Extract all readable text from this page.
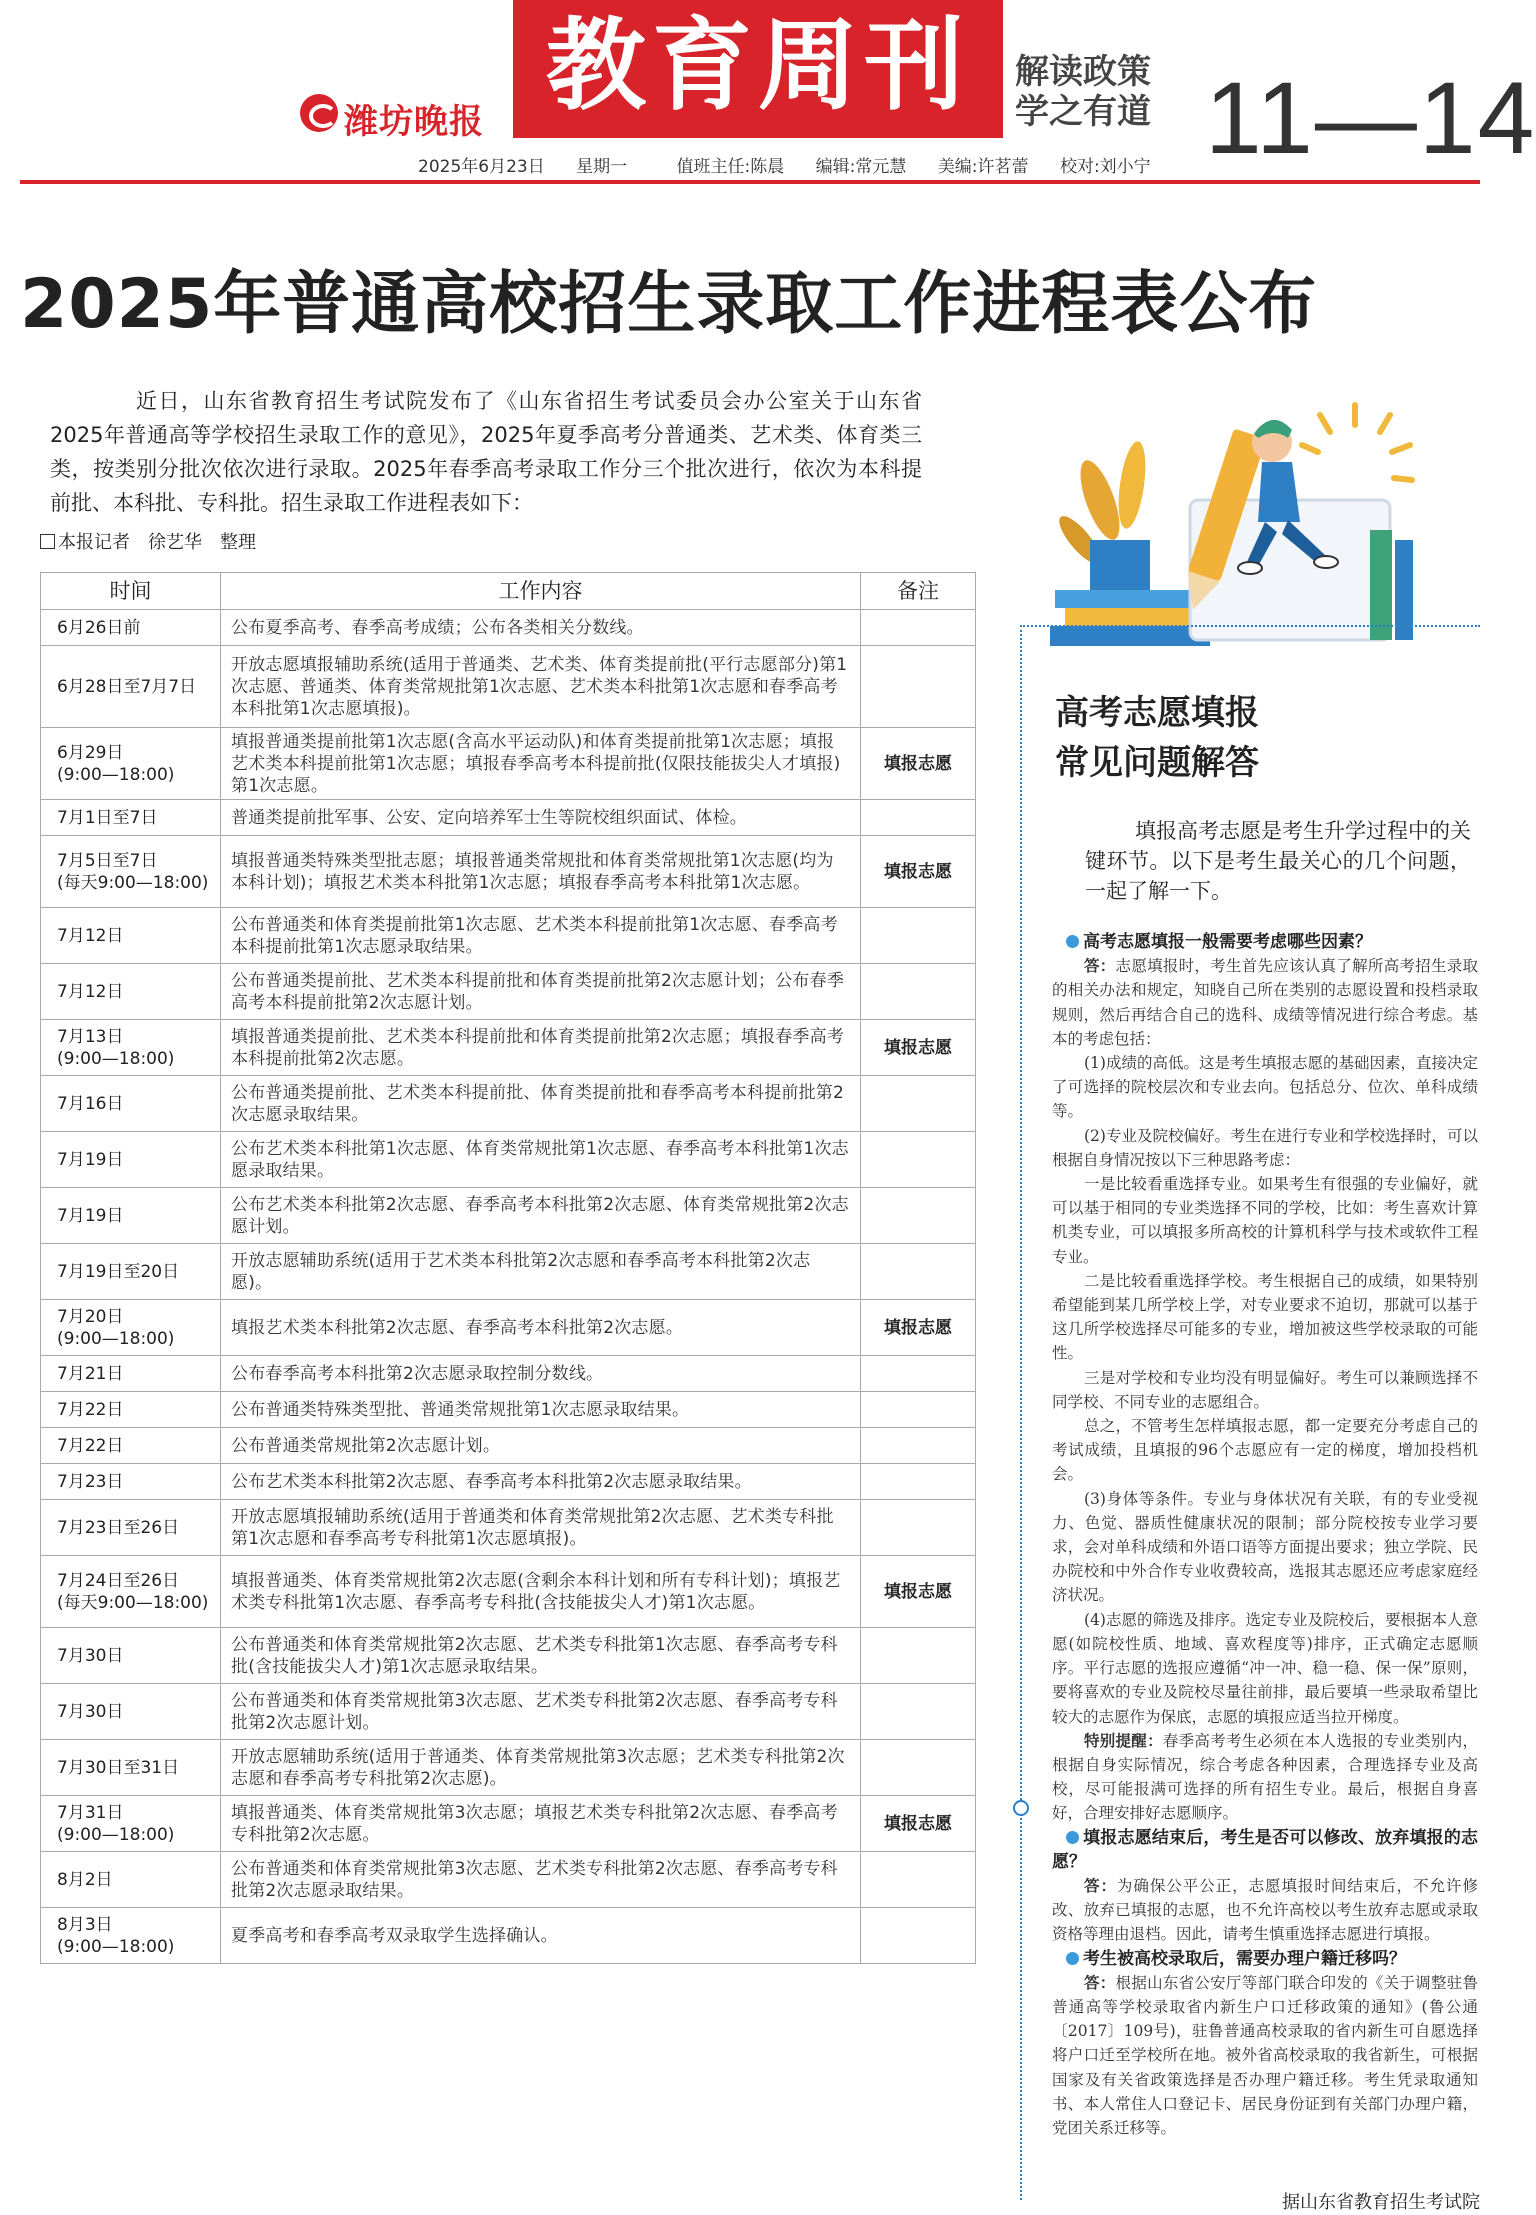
潍坊晚报 教育周刊	解读政策
学之有道 11—14
2025年6月23日 星期一	值班主任:陈晨 编辑:常元慧 美编:许茗蕾 校对:刘小宁
2025年普通高校招生录取工作进程表公布
近日，山东省教育招生考试院发布了《山东省招生考试委员会办公室关于山东省2025年普通高等学校招生录取工作的意见》，2025年夏季高考分普通类、艺术类、体育类三类，按类别分批次依次进行录取。2025年春季高考录取工作分三个批次进行，依次为本科提前批、本科批、专科批。招生录取工作进程表如下：
本报记者　徐艺华　整理
时间	工作内容	备注

6月26日前	公布夏季高考、春季高考成绩；公布各类相关分数线。	

6月28日至7月7日	开放志愿填报辅助系统(适用于普通类、艺术类、体育类提前批(平行志愿部分)第1次志愿、普通类、体育类常规批第1次志愿、艺术类本科批第1次志愿和春季高考本科批第1次志愿填报)。	

6月29日
(9:00—18:00)	填报普通类提前批第1次志愿(含高水平运动队)和体育类提前批第1次志愿；填报艺术类本科提前批第1次志愿；填报春季高考本科提前批(仅限技能拔尖人才填报)第1次志愿。	填报志愿

7月1日至7日	普通类提前批军事、公安、定向培养军士生等院校组织面试、体检。	

7月5日至7日
(每天9:00—18:00)	填报普通类特殊类型批志愿；填报普通类常规批和体育类常规批第1次志愿(均为本科计划)；填报艺术类本科批第1次志愿；填报春季高考本科批第1次志愿。	填报志愿

7月12日	公布普通类和体育类提前批第1次志愿、艺术类本科提前批第1次志愿、春季高考本科提前批第1次志愿录取结果。	

7月12日	公布普通类提前批、艺术类本科提前批和体育类提前批第2次志愿计划；公布春季高考本科提前批第2次志愿计划。	

7月13日
(9:00—18:00)	填报普通类提前批、艺术类本科提前批和体育类提前批第2次志愿；填报春季高考本科提前批第2次志愿。	填报志愿

7月16日	公布普通类提前批、艺术类本科提前批、体育类提前批和春季高考本科提前批第2次志愿录取结果。	

7月19日	公布艺术类本科批第1次志愿、体育类常规批第1次志愿、春季高考本科批第1次志愿录取结果。	

7月19日	公布艺术类本科批第2次志愿、春季高考本科批第2次志愿、体育类常规批第2次志愿计划。	

7月19日至20日	开放志愿辅助系统(适用于艺术类本科批第2次志愿和春季高考本科批第2次志愿)。	

7月20日
(9:00—18:00)	填报艺术类本科批第2次志愿、春季高考本科批第2次志愿。	填报志愿

7月21日	公布春季高考本科批第2次志愿录取控制分数线。	

7月22日	公布普通类特殊类型批、普通类常规批第1次志愿录取结果。	

7月22日	公布普通类常规批第2次志愿计划。	

7月23日	公布艺术类本科批第2次志愿、春季高考本科批第2次志愿录取结果。	

7月23日至26日	开放志愿填报辅助系统(适用于普通类和体育类常规批第2次志愿、艺术类专科批第1次志愿和春季高考专科批第1次志愿填报)。	

7月24日至26日
(每天9:00—18:00)	填报普通类、体育类常规批第2次志愿(含剩余本科计划和所有专科计划)；填报艺术类专科批第1次志愿、春季高考专科批(含技能拔尖人才)第1次志愿。	填报志愿

7月30日	公布普通类和体育类常规批第2次志愿、艺术类专科批第1次志愿、春季高考专科批(含技能拔尖人才)第1次志愿录取结果。	

7月30日	公布普通类和体育类常规批第3次志愿、艺术类专科批第2次志愿、春季高考专科批第2次志愿计划。	

7月30日至31日	开放志愿辅助系统(适用于普通类、体育类常规批第3次志愿；艺术类专科批第2次志愿和春季高考专科批第2次志愿)。	

7月31日
(9:00—18:00)	填报普通类、体育类常规批第3次志愿；填报艺术类专科批第2次志愿、春季高考专科批第2次志愿。	填报志愿

8月2日	公布普通类和体育类常规批第3次志愿、艺术类专科批第2次志愿、春季高考专科批第2次志愿录取结果。	

8月3日
(9:00—18:00)	夏季高考和春季高考双录取学生选择确认。	
高考志愿填报
常见问题解答
填报高考志愿是考生升学过程中的关键环节。以下是考生最关心的几个问题，一起了解一下。

高考志愿填报一般需要考虑哪些因素？

答：志愿填报时，考生首先应该认真了解所高考招生录取的相关办法和规定，知晓自己所在类别的志愿设置和投档录取规则，然后再结合自己的选科、成绩等情况进行综合考虑。基本的考虑包括：

(1)成绩的高低。这是考生填报志愿的基础因素，直接决定了可选择的院校层次和专业去向。包括总分、位次、单科成绩等。

(2)专业及院校偏好。考生在进行专业和学校选择时，可以根据自身情况按以下三种思路考虑：

一是比较看重选择专业。如果考生有很强的专业偏好，就可以基于相同的专业类选择不同的学校，比如：考生喜欢计算机类专业，可以填报多所高校的计算机科学与技术或软件工程专业。

二是比较看重选择学校。考生根据自己的成绩，如果特别希望能到某几所学校上学，对专业要求不迫切，那就可以基于这几所学校选择尽可能多的专业，增加被这些学校录取的可能性。

三是对学校和专业均没有明显偏好。考生可以兼顾选择不同学校、不同专业的志愿组合。

总之，不管考生怎样填报志愿，都一定要充分考虑自己的考试成绩，且填报的96个志愿应有一定的梯度，增加投档机会。

(3)身体等条件。专业与身体状况有关联，有的专业受视力、色觉、器质性健康状况的限制；部分院校按专业学习要求，会对单科成绩和外语口语等方面提出要求；独立学院、民办院校和中外合作专业收费较高，选报其志愿还应考虑家庭经济状况。

(4)志愿的筛选及排序。选定专业及院校后，要根据本人意愿(如院校性质、地域、喜欢程度等)排序，正式确定志愿顺序。平行志愿的选报应遵循“冲一冲、稳一稳、保一保”原则，要将喜欢的专业及院校尽量往前排，最后要填一些录取希望比较大的志愿作为保底，志愿的填报应适当拉开梯度。

特别提醒：春季高考考生必须在本人选报的专业类别内，根据自身实际情况，综合考虑各种因素，合理选择专业及高校，尽可能报满可选择的所有招生专业。最后，根据自身喜好，合理安排好志愿顺序。

填报志愿结束后，考生是否可以修改、放弃填报的志愿？

答：为确保公平公正，志愿填报时间结束后，不允许修改、放弃已填报的志愿，也不允许高校以考生放弃志愿或录取资格等理由退档。因此，请考生慎重选择志愿进行填报。

考生被高校录取后，需要办理户籍迁移吗？

答：根据山东省公安厅等部门联合印发的《关于调整驻鲁普通高等学校录取省内新生户口迁移政策的通知》(鲁公通〔2017〕109号)，驻鲁普通高校录取的省内新生可自愿选择将户口迁至学校所在地。被外省高校录取的我省新生，可根据国家及有关省政策选择是否办理户籍迁移。考生凭录取通知书、本人常住人口登记卡、居民身份证到有关部门办理户籍，党团关系迁移等。

据山东省教育招生考试院
